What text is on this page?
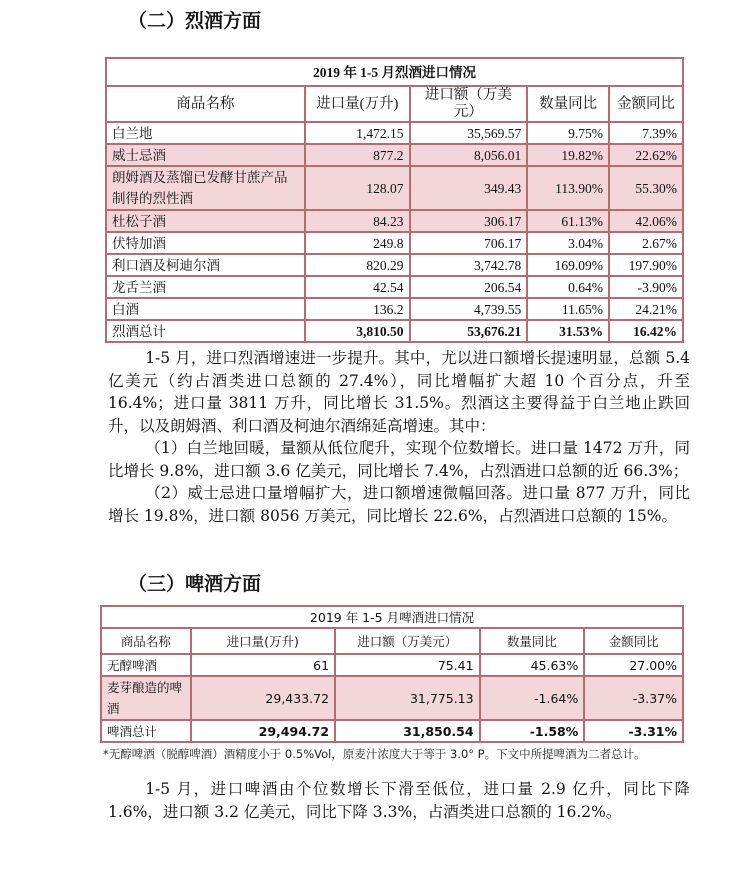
（二）烈酒方面
2019 年 1-5 月烈酒进口情况				
商品名称	进口量(万升)	进口额（万美元）	数量同比	金额同比
白兰地	1,472.15	35,569.57	9.75%	7.39%
威士忌酒	877.2	8,056.01	19.82%	22.62%
朗姆酒及蒸馏已发酵甘蔗产品制得的烈性酒	128.07	349.43	113.90%	55.30%
杜松子酒	84.23	306.17	61.13%	42.06%
伏特加酒	249.8	706.17	3.04%	2.67%
利口酒及柯迪尔酒	820.29	3,742.78	169.09%	197.90%
龙舌兰酒	42.54	206.54	0.64%	-3.90%
白酒	136.2	4,739.55	11.65%	24.21%
烈酒总计	3,810.50	53,676.21	31.53%	16.42%
1-5 月，进口烈酒增速进一步提升。其中，尤以进口额增长提速明显，总额 5.4 亿美元（约占酒类进口总额的 27.4%），同比增幅扩大超 10 个百分点，升至 16.4%；进口量 3811 万升，同比增长 31.5%。烈酒这主要得益于白兰地止跌回升，以及朗姆酒、利口酒及柯迪尔酒绵延高增速。其中：
（1）白兰地回暖，量额从低位爬升，实现个位数增长。进口量 1472 万升，同比增长 9.8%，进口额 3.6 亿美元，同比增长 7.4%，占烈酒进口总额的近 66.3%；
（2）威士忌进口量增幅扩大，进口额增速微幅回落。进口量 877 万升，同比增长 19.8%，进口额 8056 万美元，同比增长 22.6%，占烈酒进口总额的 15%。
（三）啤酒方面
2019 年 1-5 月啤酒进口情况				
商品名称	进口量(万升)	进口额（万美元）	数量同比	金额同比
无醇啤酒	61	75.41	45.63%	27.00%
麦芽酿造的啤酒	29,433.72	31,775.13	-1.64%	-3.37%
啤酒总计	29,494.72	31,850.54	-1.58%	-3.31%
*无醇啤酒（脱醇啤酒）酒精度小于 0.5%Vol，原麦汁浓度大于等于 3.0° P。下文中所提啤酒为二者总计。
1-5 月，进口啤酒由个位数增长下滑至低位，进口量 2.9 亿升，同比下降 1.6%，进口额 3.2 亿美元，同比下降 3.3%，占酒类进口总额的 16.2%。
